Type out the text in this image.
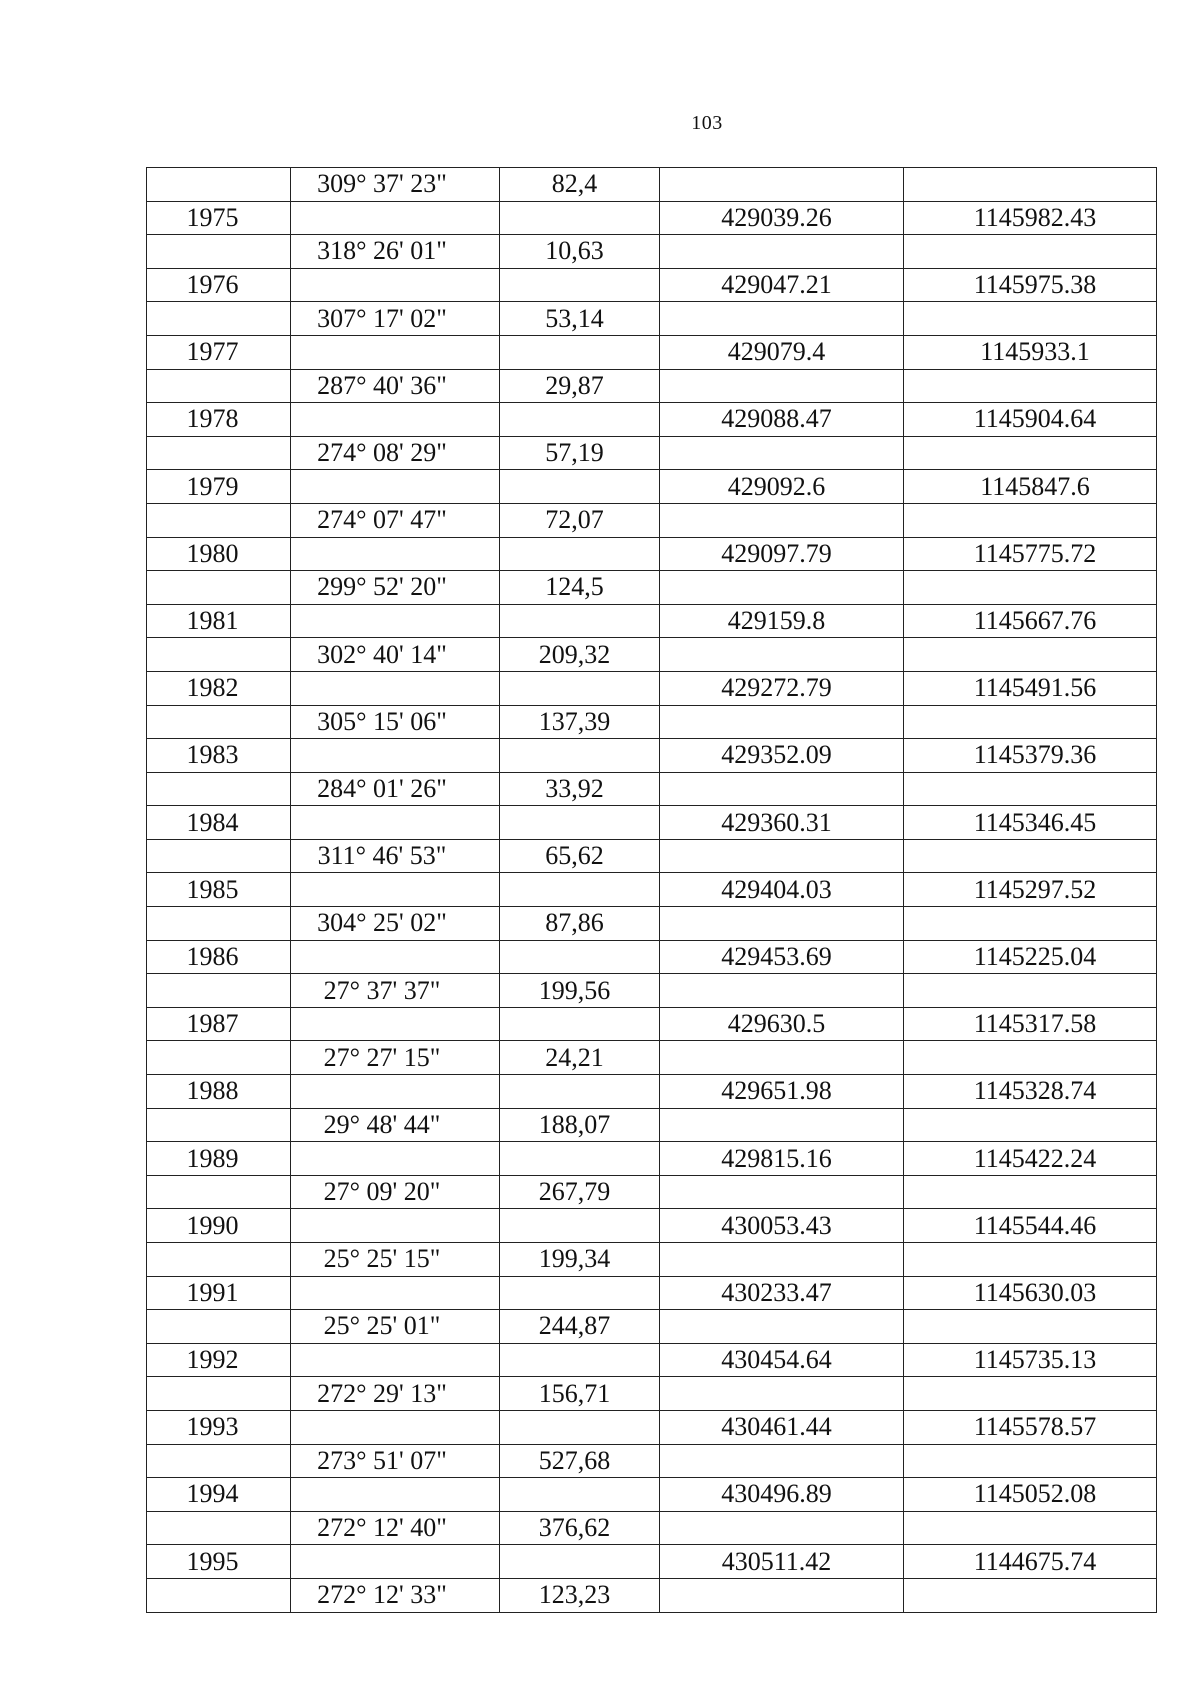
103
	309° 37' 23"	82,4		
1975			429039.26	1145982.43
	318° 26' 01"	10,63		
1976			429047.21	1145975.38
	307° 17' 02"	53,14		
1977			429079.4	1145933.1
	287° 40' 36"	29,87		
1978			429088.47	1145904.64
	274° 08' 29"	57,19		
1979			429092.6	1145847.6
	274° 07' 47"	72,07		
1980			429097.79	1145775.72
	299° 52' 20"	124,5		
1981			429159.8	1145667.76
	302° 40' 14"	209,32		
1982			429272.79	1145491.56
	305° 15' 06"	137,39		
1983			429352.09	1145379.36
	284° 01' 26"	33,92		
1984			429360.31	1145346.45
	311° 46' 53"	65,62		
1985			429404.03	1145297.52
	304° 25' 02"	87,86		
1986			429453.69	1145225.04
	27° 37' 37"	199,56		
1987			429630.5	1145317.58
	27° 27' 15"	24,21		
1988			429651.98	1145328.74
	29° 48' 44"	188,07		
1989			429815.16	1145422.24
	27° 09' 20"	267,79		
1990			430053.43	1145544.46
	25° 25' 15"	199,34		
1991			430233.47	1145630.03
	25° 25' 01"	244,87		
1992			430454.64	1145735.13
	272° 29' 13"	156,71		
1993			430461.44	1145578.57
	273° 51' 07"	527,68		
1994			430496.89	1145052.08
	272° 12' 40"	376,62		
1995			430511.42	1144675.74
	272° 12' 33"	123,23		
